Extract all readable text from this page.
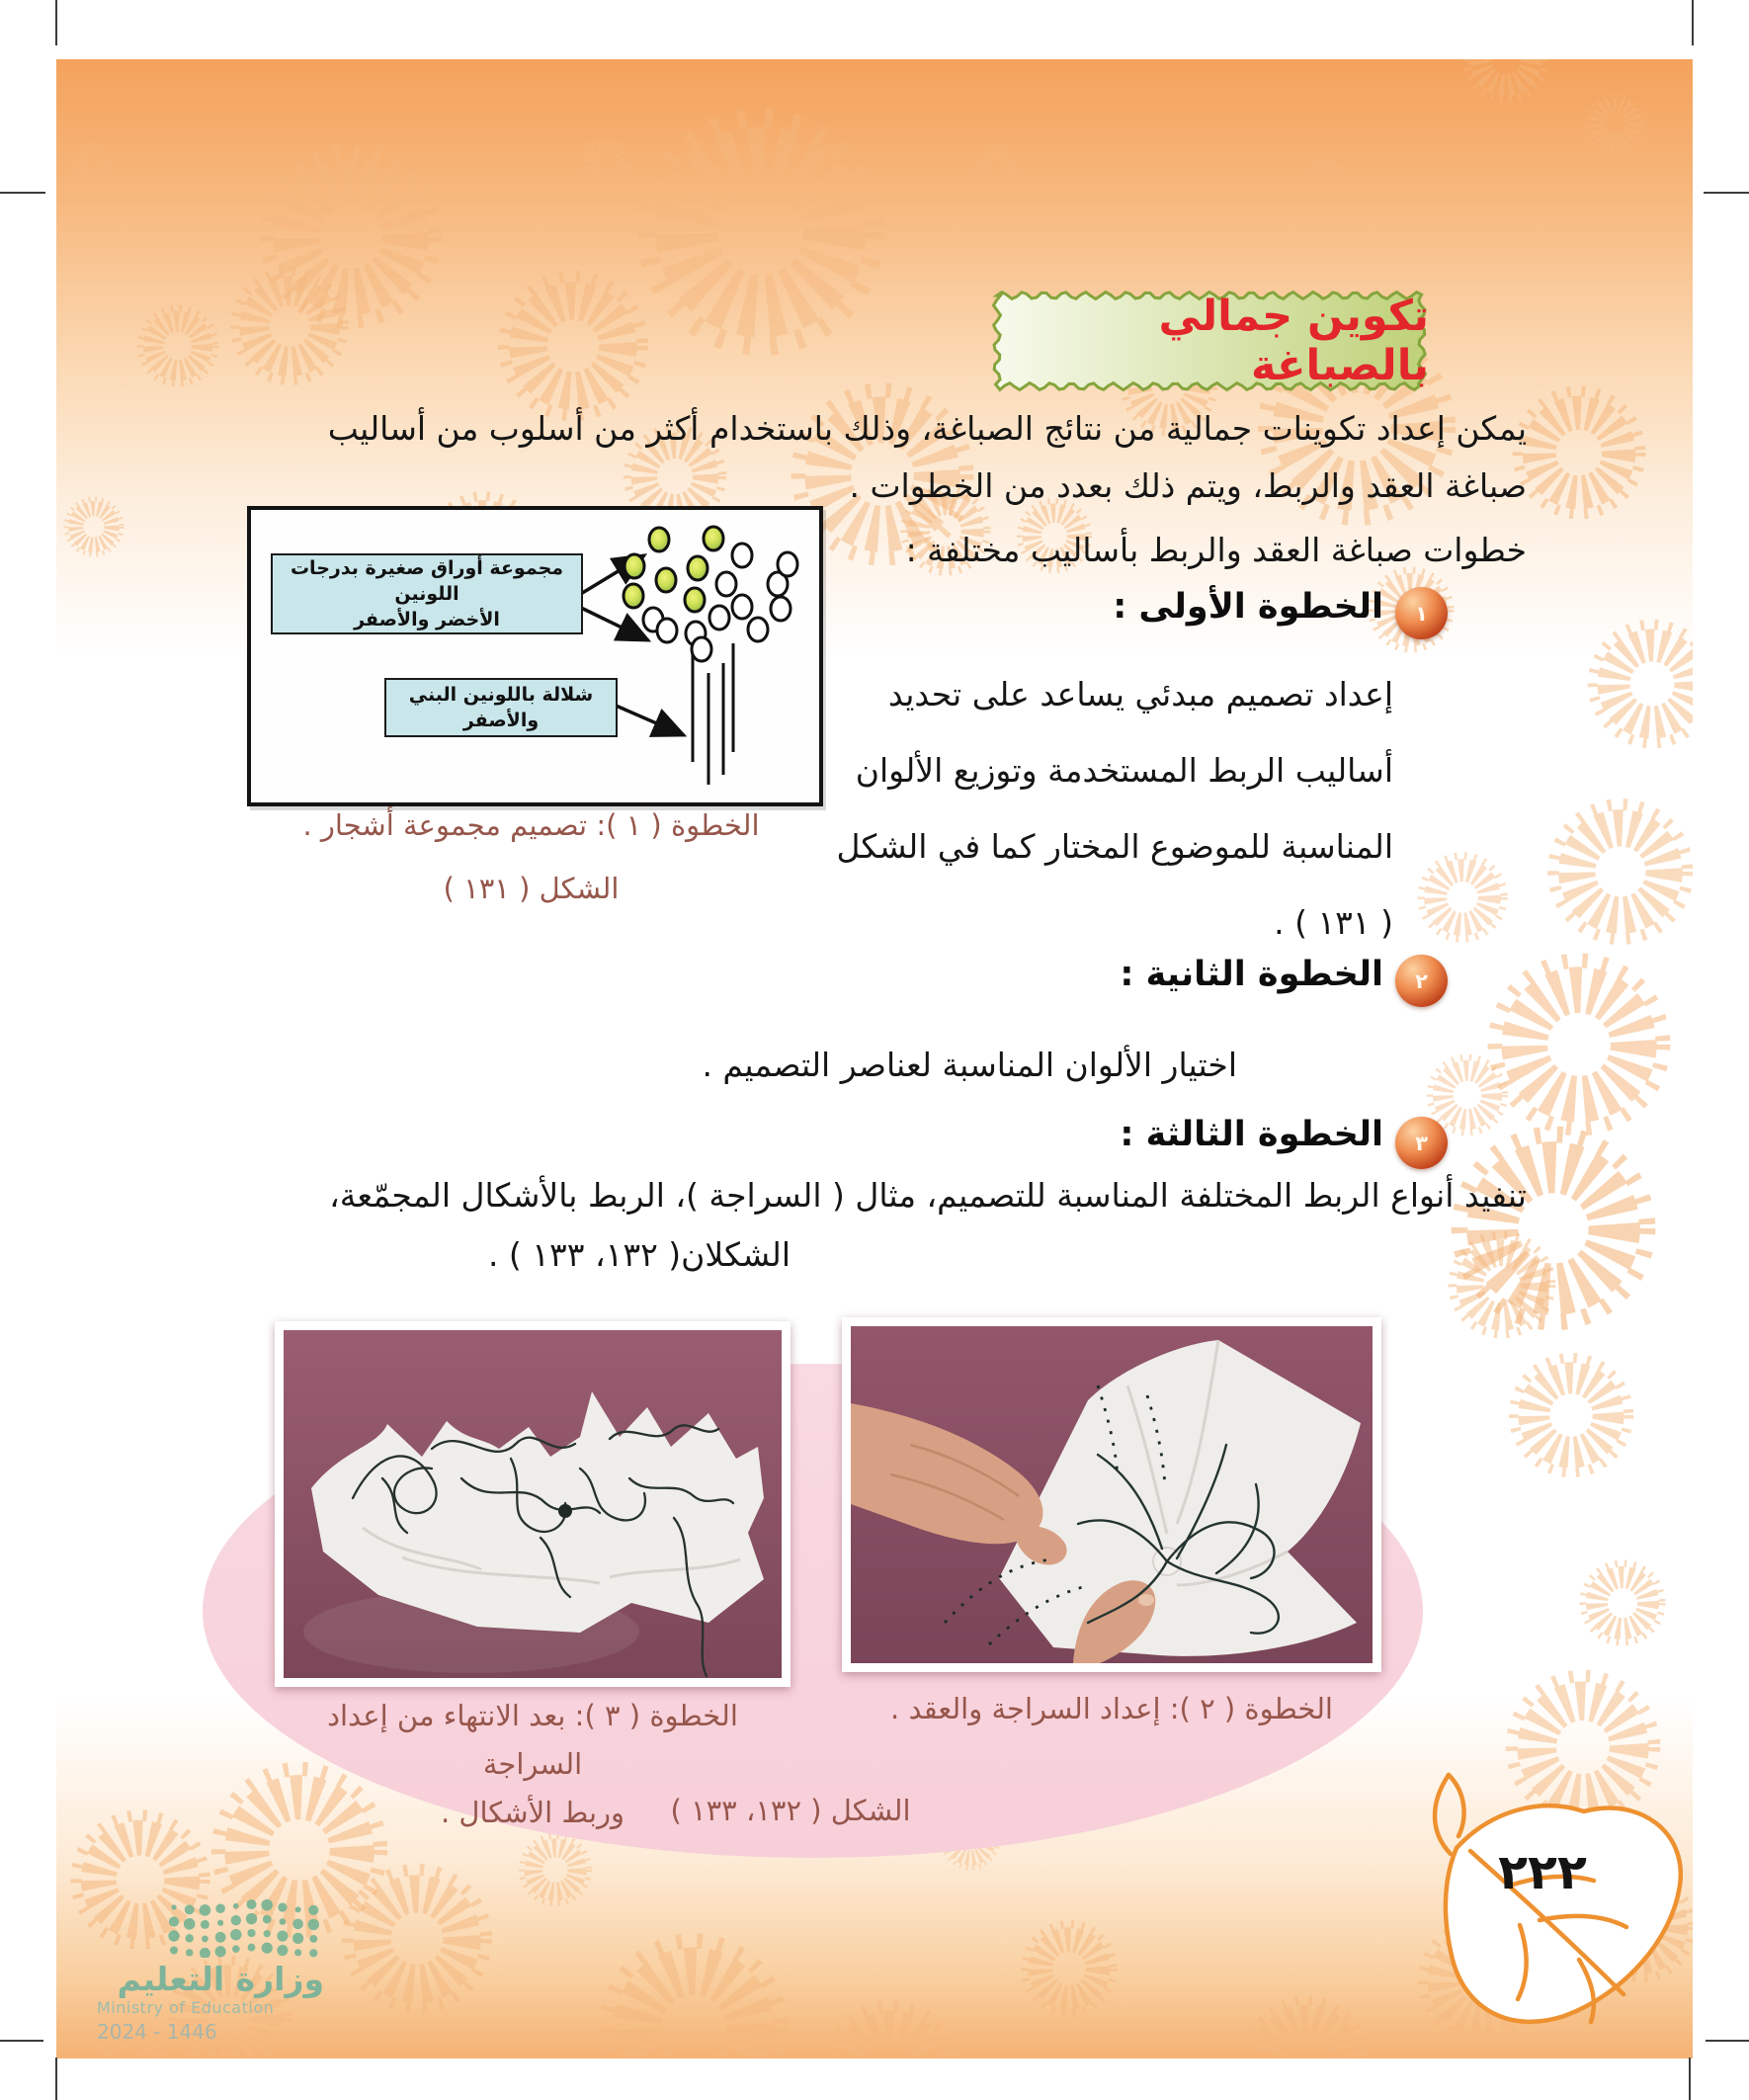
تكوين جمالي بالصباغة
يمكن إعداد تكوينات جمالية من نتائج الصباغة، وذلك باستخدام أكثر من أسلوب من أساليب
صباغة العقد والربط، ويتم ذلك بعدد من الخطوات .
خطوات صباغة العقد والربط بأساليب مختلفة :
١
الخطوة الأولى :
إعداد تصميم مبدئي يساعد على تحديد
أساليب الربط المستخدمة وتوزيع الألوان
المناسبة للموضوع المختار كما في الشكل
( ١٣١ ) .
مجموعة أوراق صغيرة بدرجات اللونين
الأخضر والأصفر
شلالة باللونين البني والأصفر
الخطوة ( ١ ): تصميم مجموعة أشجار .
الشكل ( ١٣١ )
٢
الخطوة الثانية :
اختيار الألوان المناسبة لعناصر التصميم .
٣
الخطوة الثالثة :
تنفيد أنواع الربط المختلفة المناسبة للتصميم، مثال ( السراجة )، الربط بالأشكال المجمّعة،
الشكلان( ١٣٢، ١٣٣ ) .
الخطوة ( ٢ ): إعداد السراجة والعقد .
الخطوة ( ٣ ): بعد الانتهاء من إعداد السراجة
وربط الأشكال .	الشكل ( ١٣٢، ١٣٣ )
٢٢٢
وزارة التعليم
Ministry of Education
2024 - 1446
